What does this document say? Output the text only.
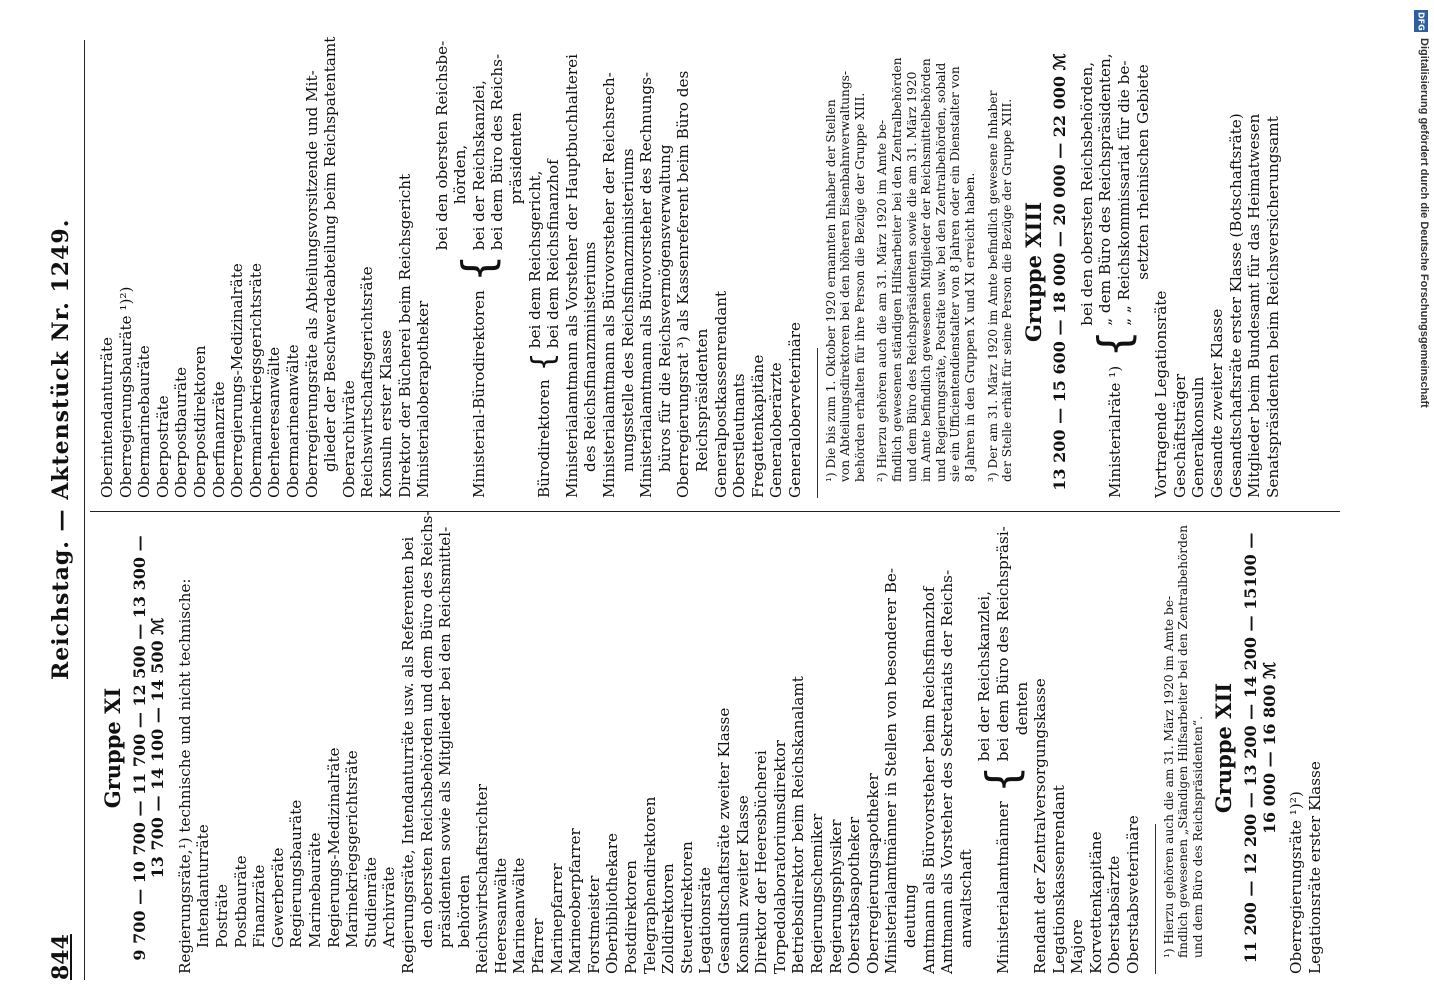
844
Reichstag. — Aktenstück Nr. 1249.
Gruppe XI 9 700 — 10 700 — 11 700 — 12 500 — 13 300 — 13 700 — 14 100 — 14 500 ℳ Regierungsräte,¹) technische und nicht technische: Intendanturräte Posträte Postbauräte Finanzräte Gewerberäte Regierungsbauräte Marinebauräte Regierungs-Medizinalräte Marinekriegsgerichtsräte Studienräte Archivräte Regierungsräte, Intendanturräte usw. als Referenten bei den obersten Reichsbehörden und dem Büro des Reichs- präsidenten sowie als Mitglieder bei den Reichsmittel- behörden Reichswirtschaftsrichter Heeresanwälte Marineanwälte Pfarrer Marinepfarrer Marineoberpfarrer Forstmeister Oberbibliothekare Postdirektoren Telegraphendirektoren Zolldirektoren Steuerdirektoren Legationsräte Gesandtschaftsräte zweiter Klasse Konsuln zweiter Klasse Direktor der Heeresbücherei Torpedolaboratoriumsdirektor Betriebsdirektor beim Reichskanalamt Regierungschemiker Regierungsphysiker Oberstabsapotheker Oberregierungsapotheker Ministerialamtmänner in Stellen von besonderer Be- deutung Amtmann als Bürovorsteher beim Reichsfinanzhof Amtmann als Vorsteher des Sekretariats der Reichs- anwaltschaft Ministerialamtmänner
{
bei der Reichskanzlei, bei dem Büro des Reichspräsi- denten Rendant der Zentralversorgungskasse Legationskassenrendant Majore Korvettenkapitäne Oberstabsärzte Oberstabsveterinäre ¹) Hierzu gehören auch die am 31. März 1920 im Amte be- findlich gewesenen „Ständigen Hilfsarbeiter bei den Zentralbehörden und dem Büro des Reichspräsidenten“. Gruppe XII 11 200 — 12 200 — 13 200 — 14 200 — 15100 — 16 000 — 16 800 ℳ
Oberregierungsräte ¹)²) Legationsräte erster Klasse
Oberintendanturräte Oberregierungsbauräte ¹)²) Obermarinebauräte Oberposträte Oberpostbauräte Oberpostdirektoren Oberfinanzräte Oberregierungs-Medizinalräte Obermarinekriegsgerichtsräte Oberheeresanwälte Obermarineanwälte Oberregierungsräte als Abteilungsvorsitzende und Mit- glieder der Beschwerdeabteilung beim Reichspatentamt Oberarchivräte Reichswirtschaftsgerichtsräte Konsuln erster Klasse Direktor der Bücherei beim Reichsgericht Ministerialoberapotheker Ministerial-Bürodirektoren
{
bei den obersten Reichsbe- hörden, bei der Reichskanzlei, bei dem Büro des Reichs- präsidenten
Bürodirektoren
{
bei dem Reichsgericht, bei dem Reichsfinanzhof Ministerialamtmann als Vorsteher der Hauptbuchhalterei des Reichsfinanzministeriums Ministerialamtmann als Bürovorsteher der Reichsrech- nungsstelle des Reichsfinanzministeriums Ministerialamtmann als Bürovorsteher des Rechnungs- büros für die Reichsvermögensverwaltung Oberregierungsrat ³) als Kassenreferent beim Büro des Reichspräsidenten Generalpostkassenrendant Oberstleutnants Fregattenkapitäne Generaloberärzte Generaloberveterinäre ¹) Die bis zum 1. Oktober 1920 ernannten Inhaber der Stellen von Abteilungsdirektoren bei den höheren Eisenbahnverwaltungs- behörden erhalten für ihre Person die Bezüge der Gruppe XIII. ²) Hierzu gehören auch die am 31. März 1920 im Amte be- findlich gewesenen ständigen Hilfsarbeiter bei den Zentralbehörden und dem Büro des Reichspräsidenten sowie die am 31. März 1920 im Amte befindlich gewesenen Mitglieder der Reichsmittelbehörden und Regierungsräte, Posträte usw. bei den Zentralbehörden, sobald sie ein Ufficientendienstalter von 8 Jahren oder ein Dienstalter von 8 Jahren in den Gruppen X und XI erreicht haben. ³) Der am 31. März 1920 im Amte befindlich gewesene Inhaber der Stelle erhält für seine Person die Bezüge der Gruppe XIII. Gruppe XIII 13 200 — 15 600 — 18 000 — 20 000 — 22 000 ℳ Ministerialräte ¹)
{
bei den obersten Reichsbehörden, „ dem Büro des Reichspräsidenten, „ „ Reichskommissariat für die be- setzten rheinischen Gebiete
Vortragende Legationsräte Geschäftsträger Generalkonsuln Gesandte zweiter Klasse Gesandtschaftsräte erster Klasse (Botschaftsräte) Mitglieder beim Bundesamt für das Heimatwesen Senatspräsidenten beim Reichsversicherungsamt
DFG
Digitalisierung gefördert durch die Deutsche Forschungsgemeinschaft
